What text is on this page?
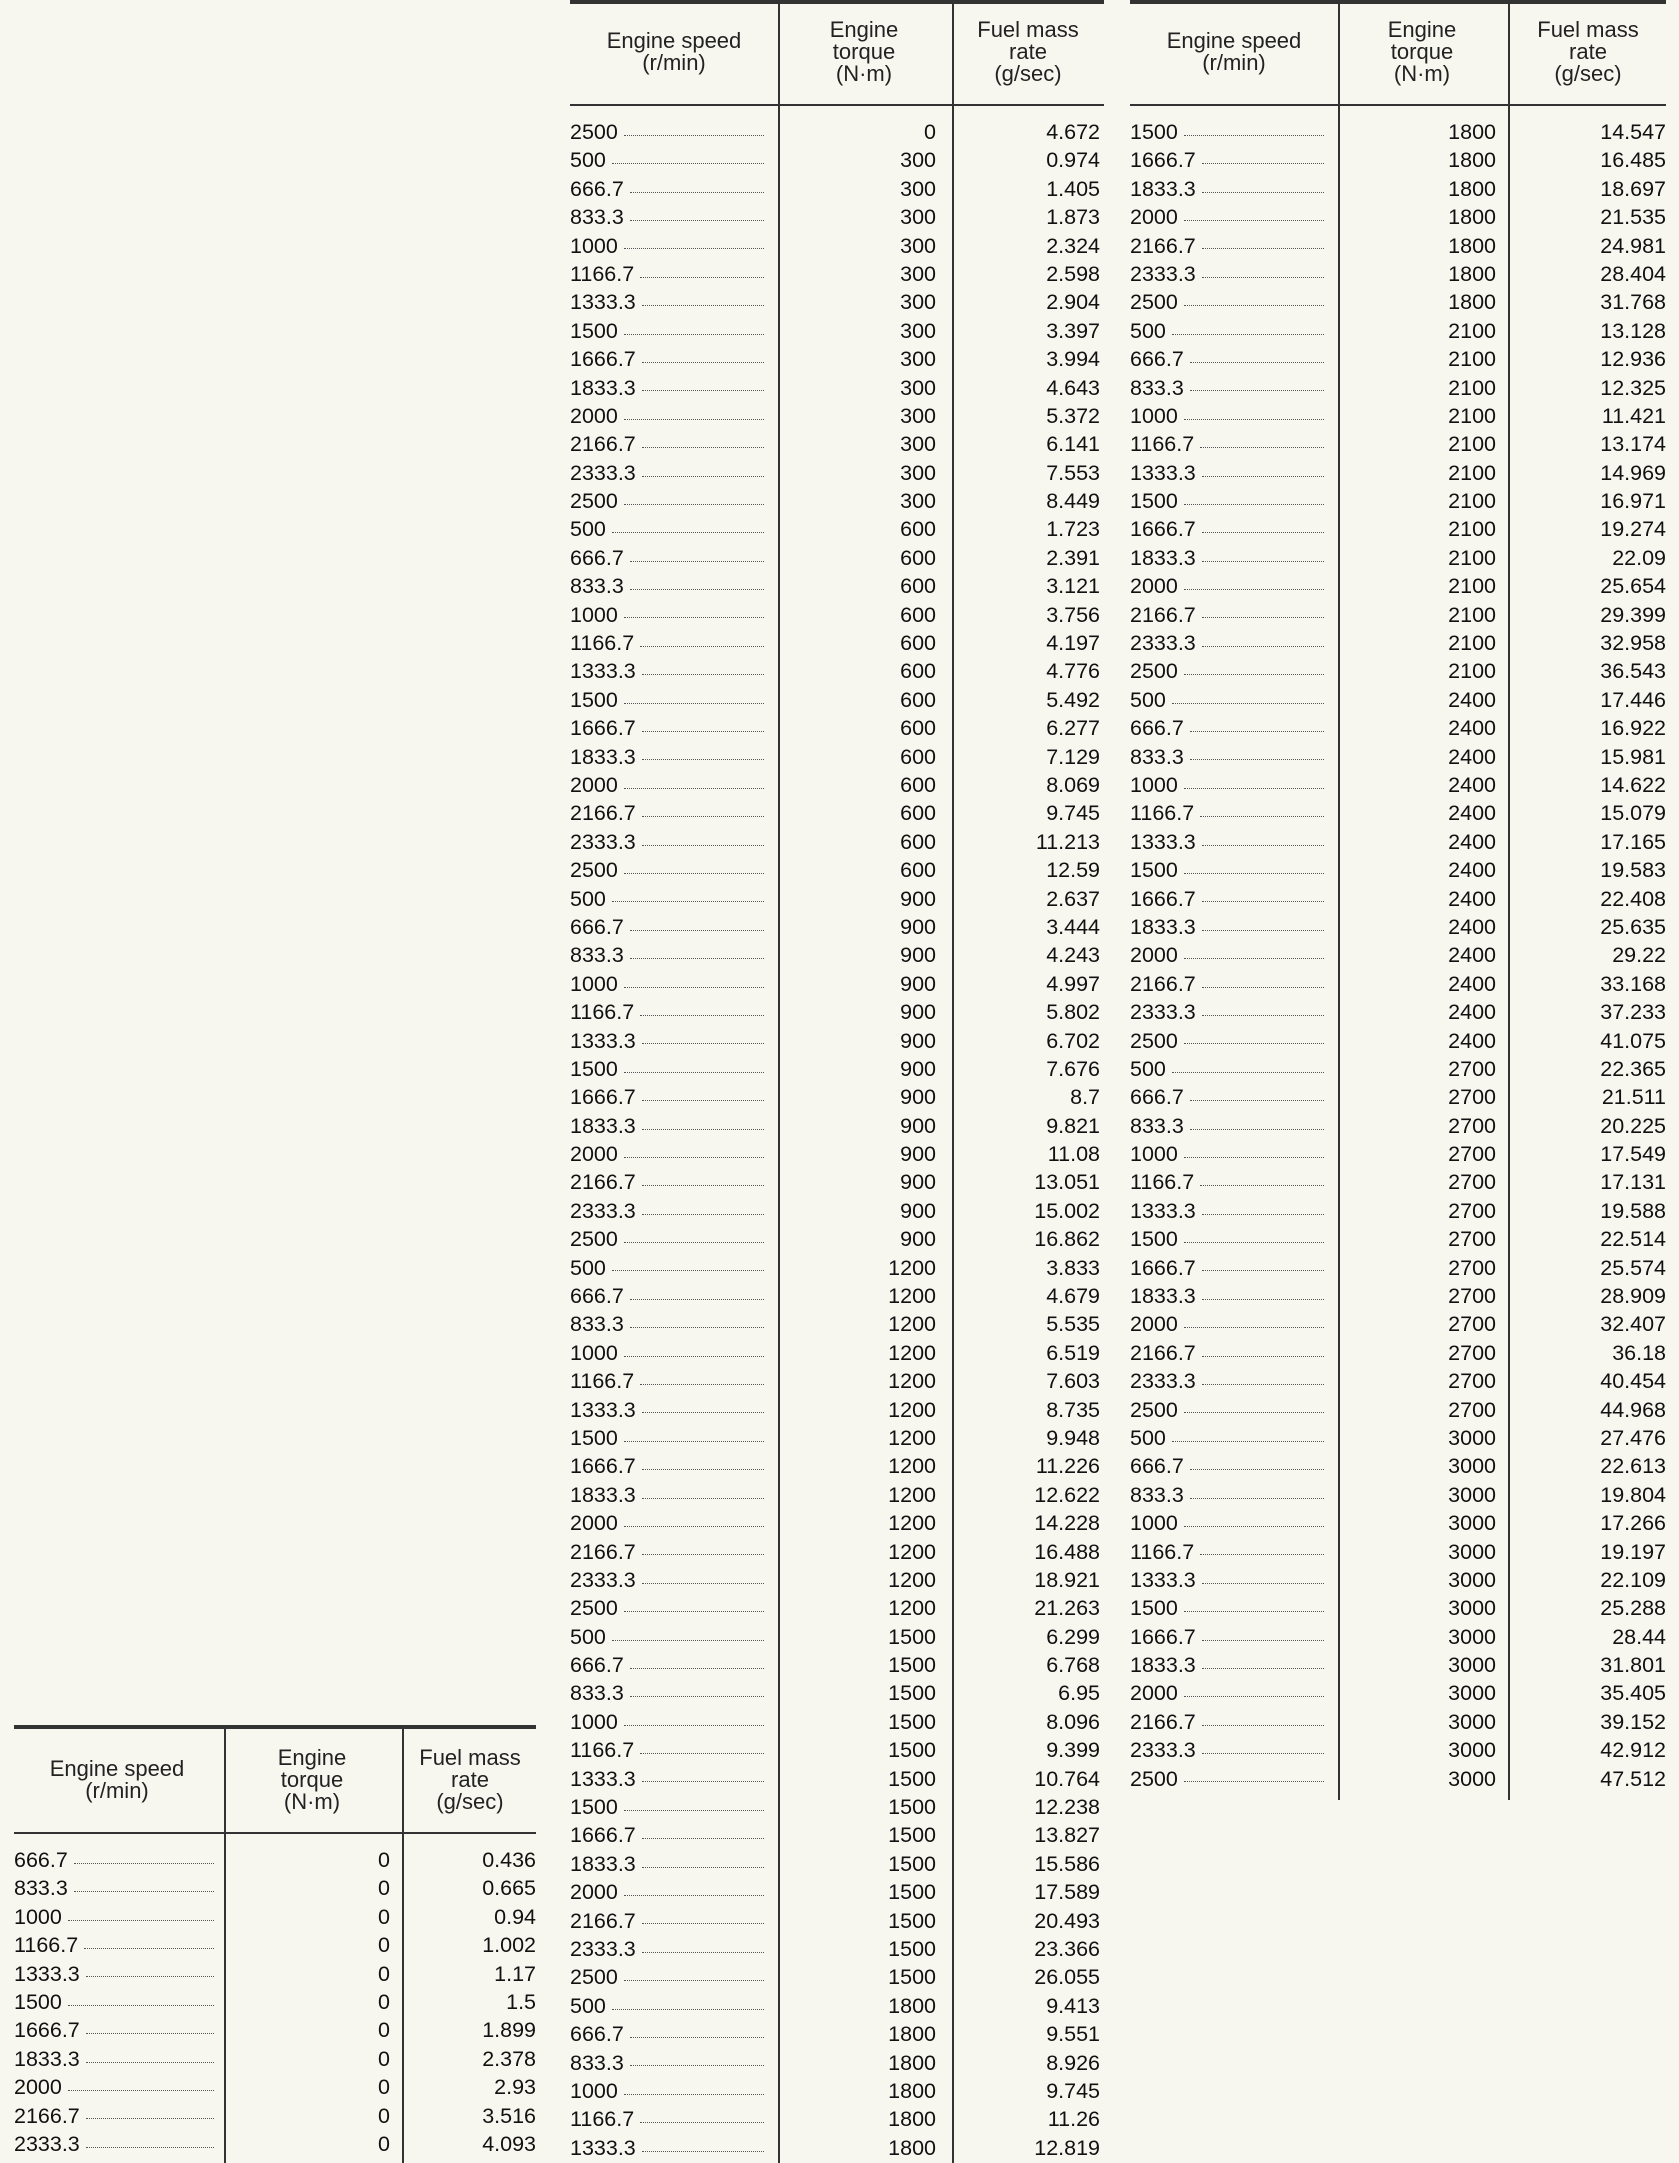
Engine speed
(r/min)
Engine
torque
(N·m)
Fuel mass
rate
(g/sec)
666.7	0	0.436
833.3	0	0.665
1000	0	0.94
1166.7	0	1.002
1333.3	0	1.17
1500	0	1.5
1666.7	0	1.899
1833.3	0	2.378
2000	0	2.93
2166.7	0	3.516
2333.3	0	4.093
Engine speed
(r/min)
Engine
torque
(N·m)
Fuel mass
rate
(g/sec)
2500	0	4.672
500	300	0.974
666.7	300	1.405
833.3	300	1.873
1000	300	2.324
1166.7	300	2.598
1333.3	300	2.904
1500	300	3.397
1666.7	300	3.994
1833.3	300	4.643
2000	300	5.372
2166.7	300	6.141
2333.3	300	7.553
2500	300	8.449
500	600	1.723
666.7	600	2.391
833.3	600	3.121
1000	600	3.756
1166.7	600	4.197
1333.3	600	4.776
1500	600	5.492
1666.7	600	6.277
1833.3	600	7.129
2000	600	8.069
2166.7	600	9.745
2333.3	600	11.213
2500	600	12.59
500	900	2.637
666.7	900	3.444
833.3	900	4.243
1000	900	4.997
1166.7	900	5.802
1333.3	900	6.702
1500	900	7.676
1666.7	900	8.7
1833.3	900	9.821
2000	900	11.08
2166.7	900	13.051
2333.3	900	15.002
2500	900	16.862
500	1200	3.833
666.7	1200	4.679
833.3	1200	5.535
1000	1200	6.519
1166.7	1200	7.603
1333.3	1200	8.735
1500	1200	9.948
1666.7	1200	11.226
1833.3	1200	12.622
2000	1200	14.228
2166.7	1200	16.488
2333.3	1200	18.921
2500	1200	21.263
500	1500	6.299
666.7	1500	6.768
833.3	1500	6.95
1000	1500	8.096
1166.7	1500	9.399
1333.3	1500	10.764
1500	1500	12.238
1666.7	1500	13.827
1833.3	1500	15.586
2000	1500	17.589
2166.7	1500	20.493
2333.3	1500	23.366
2500	1500	26.055
500	1800	9.413
666.7	1800	9.551
833.3	1800	8.926
1000	1800	9.745
1166.7	1800	11.26
1333.3	1800	12.819
Engine speed
(r/min)
Engine
torque
(N·m)
Fuel mass
rate
(g/sec)
1500	1800	14.547
1666.7	1800	16.485
1833.3	1800	18.697
2000	1800	21.535
2166.7	1800	24.981
2333.3	1800	28.404
2500	1800	31.768
500	2100	13.128
666.7	2100	12.936
833.3	2100	12.325
1000	2100	11.421
1166.7	2100	13.174
1333.3	2100	14.969
1500	2100	16.971
1666.7	2100	19.274
1833.3	2100	22.09
2000	2100	25.654
2166.7	2100	29.399
2333.3	2100	32.958
2500	2100	36.543
500	2400	17.446
666.7	2400	16.922
833.3	2400	15.981
1000	2400	14.622
1166.7	2400	15.079
1333.3	2400	17.165
1500	2400	19.583
1666.7	2400	22.408
1833.3	2400	25.635
2000	2400	29.22
2166.7	2400	33.168
2333.3	2400	37.233
2500	2400	41.075
500	2700	22.365
666.7	2700	21.511
833.3	2700	20.225
1000	2700	17.549
1166.7	2700	17.131
1333.3	2700	19.588
1500	2700	22.514
1666.7	2700	25.574
1833.3	2700	28.909
2000	2700	32.407
2166.7	2700	36.18
2333.3	2700	40.454
2500	2700	44.968
500	3000	27.476
666.7	3000	22.613
833.3	3000	19.804
1000	3000	17.266
1166.7	3000	19.197
1333.3	3000	22.109
1500	3000	25.288
1666.7	3000	28.44
1833.3	3000	31.801
2000	3000	35.405
2166.7	3000	39.152
2333.3	3000	42.912
2500	3000	47.512
